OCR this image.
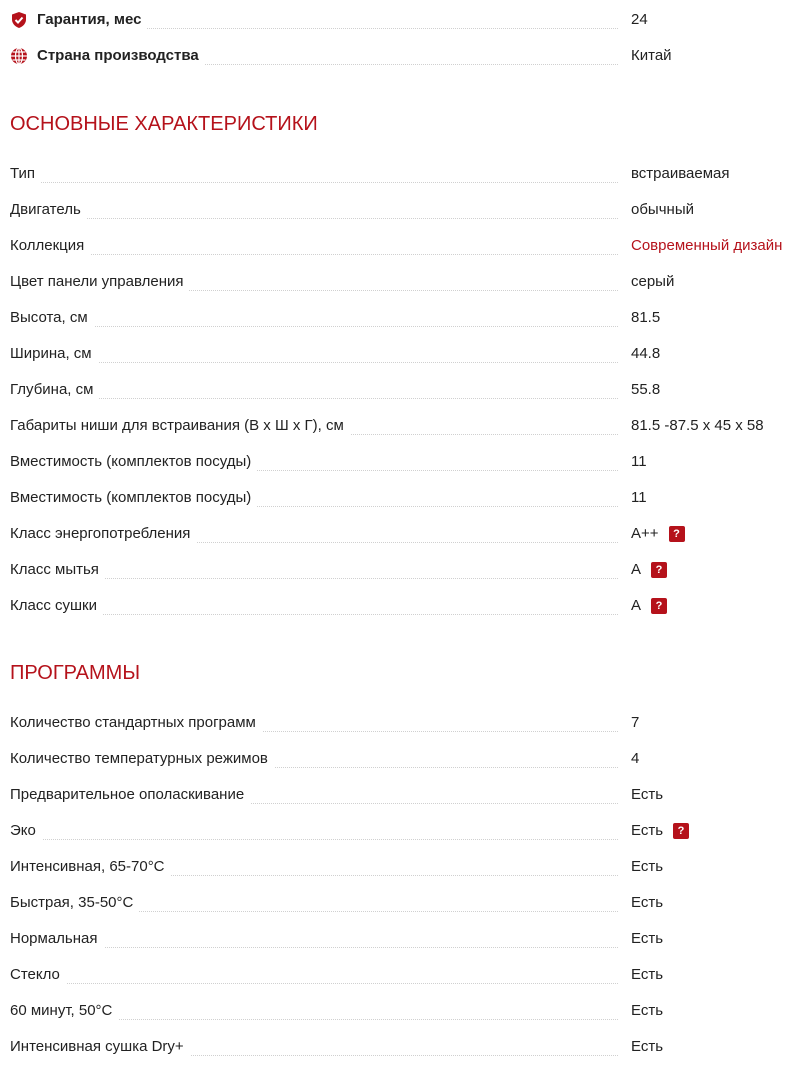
Гарантия, мес	24
Страна производства	Китай
ОСНОВНЫЕ ХАРАКТЕРИСТИКИ
Тип	встраиваемая
Двигатель	обычный
Коллекция	Современный дизайн
Цвет панели управления	серый
Высота, см	81.5
Ширина, см	44.8
Глубина, см	55.8
Габариты ниши для встраивания (В х Ш х Г), см	81.5 -87.5 х 45 х 58
Вместимость (комплектов посуды)	11
Вместимость (комплектов посуды)	11
Класс энергопотребления	A++	?
Класс мытья	A	?
Класс сушки	A	?
ПРОГРАММЫ
Количество стандартных программ	7
Количество температурных режимов	4
Предварительное ополаскивание	Есть
Эко	Есть	?
Интенсивная, 65-70°C	Есть
Быстрая, 35-50°C	Есть
Нормальная	Есть
Стекло	Есть
60 минут, 50°C	Есть
Интенсивная сушка Dry+	Есть
